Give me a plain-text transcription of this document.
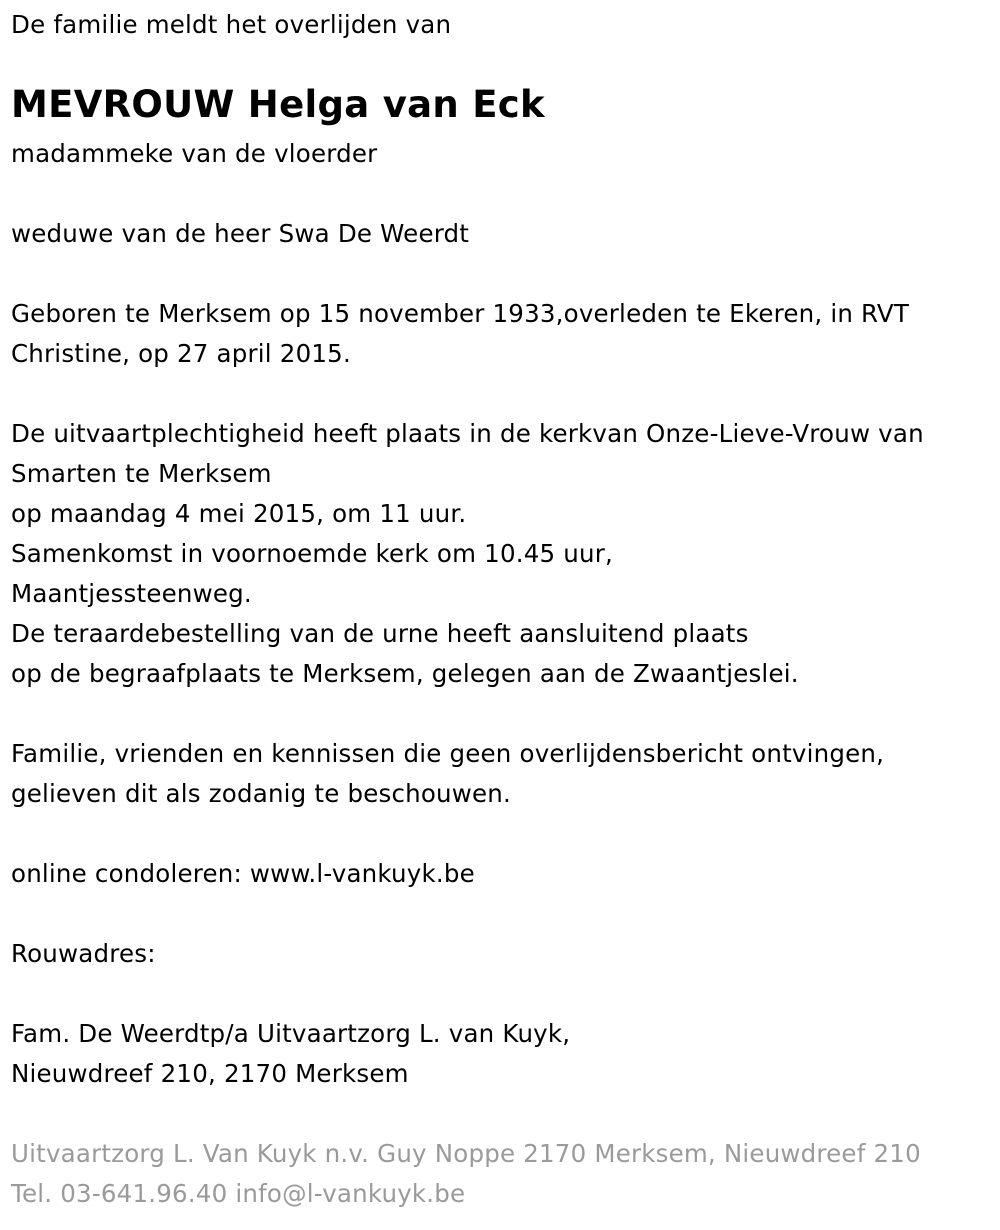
De familie meldt het overlijden van
MEVROUW Helga van Eck
madammeke van de vloerder
weduwe van de heer Swa De Weerdt
Geboren te Merksem op 15 november 1933,overleden te Ekeren, in RVT
Christine, op 27 april 2015.
De uitvaartplechtigheid heeft plaats in de kerkvan Onze-Lieve-Vrouw van
Smarten te Merksem
op maandag 4 mei 2015, om 11 uur.
Samenkomst in voornoemde kerk om 10.45 uur,
Maantjessteenweg.
De teraardebestelling van de urne heeft aansluitend plaats
op de begraafplaats te Merksem, gelegen aan de Zwaantjeslei.
Familie, vrienden en kennissen die geen overlijdensbericht ontvingen,
gelieven dit als zodanig te beschouwen.
online condoleren: www.l-vankuyk.be
Rouwadres:
Fam. De Weerdtp/a Uitvaartzorg L. van Kuyk,
Nieuwdreef 210, 2170 Merksem
Uitvaartzorg L. Van Kuyk n.v. Guy Noppe 2170 Merksem, Nieuwdreef 210
Tel. 03-641.96.40 info@l-vankuyk.be
